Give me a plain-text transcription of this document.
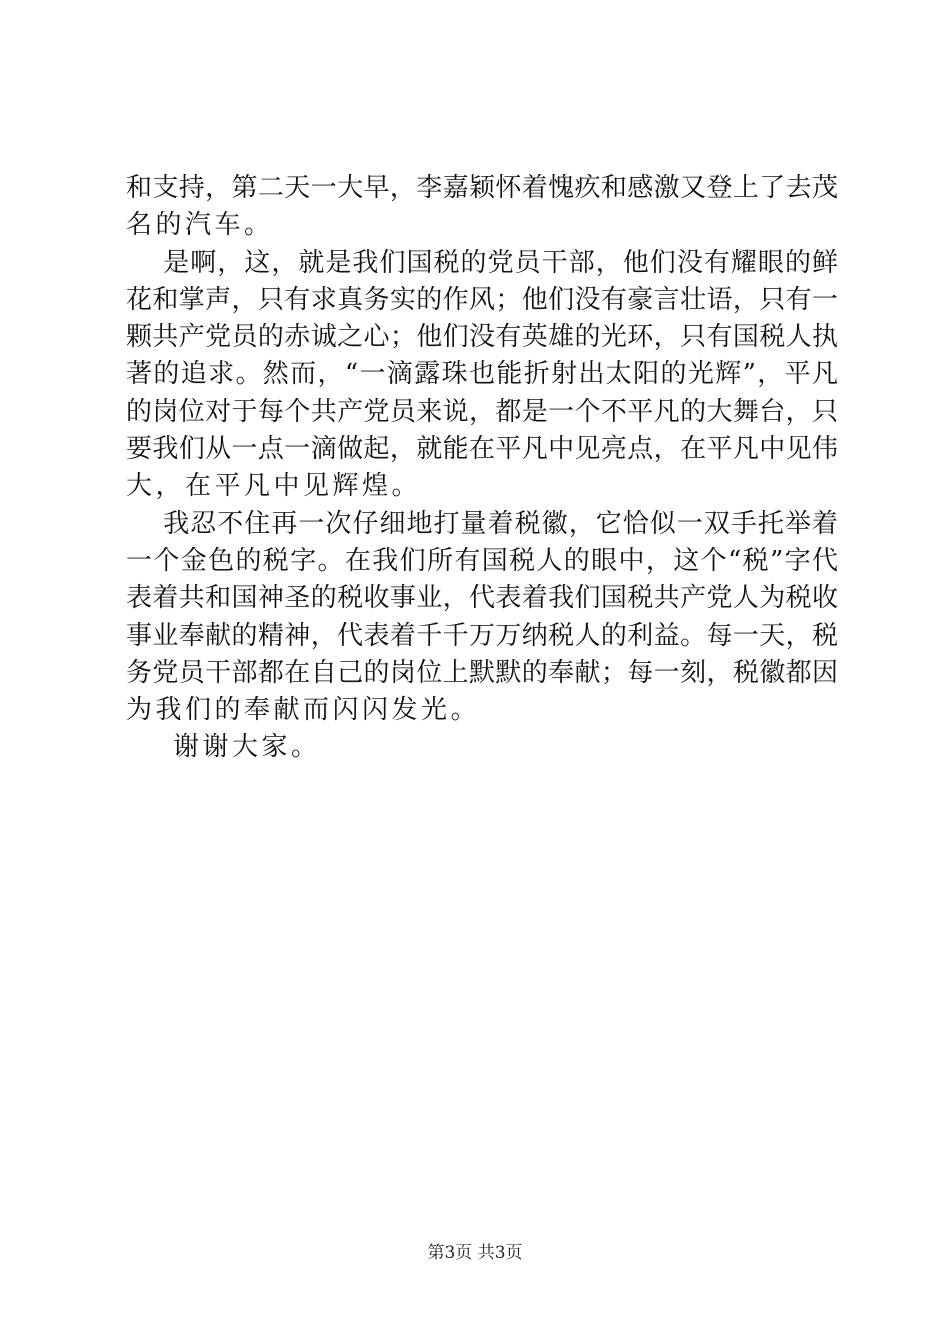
和支持，第二天一大早，李嘉颖怀着愧疚和感激又登上了去茂
名的汽车。
是啊，这，就是我们国税的党员干部，他们没有耀眼的鲜
花和掌声，只有求真务实的作风；他们没有豪言壮语，只有一
颗共产党员的赤诚之心；他们没有英雄的光环，只有国税人执
著的追求。然而，“一滴露珠也能折射出太阳的光辉”，平凡
的岗位对于每个共产党员来说，都是一个不平凡的大舞台，只
要我们从一点一滴做起，就能在平凡中见亮点，在平凡中见伟
大，在平凡中见辉煌。
我忍不住再一次仔细地打量着税徽，它恰似一双手托举着
一个金色的税字。在我们所有国税人的眼中，这个“税”字代
表着共和国神圣的税收事业，代表着我们国税共产党人为税收
事业奉献的精神，代表着千千万万纳税人的利益。每一天，税
务党员干部都在自己的岗位上默默的奉献；每一刻，税徽都因
为我们的奉献而闪闪发光。
谢谢大家。
第3页 共3页
